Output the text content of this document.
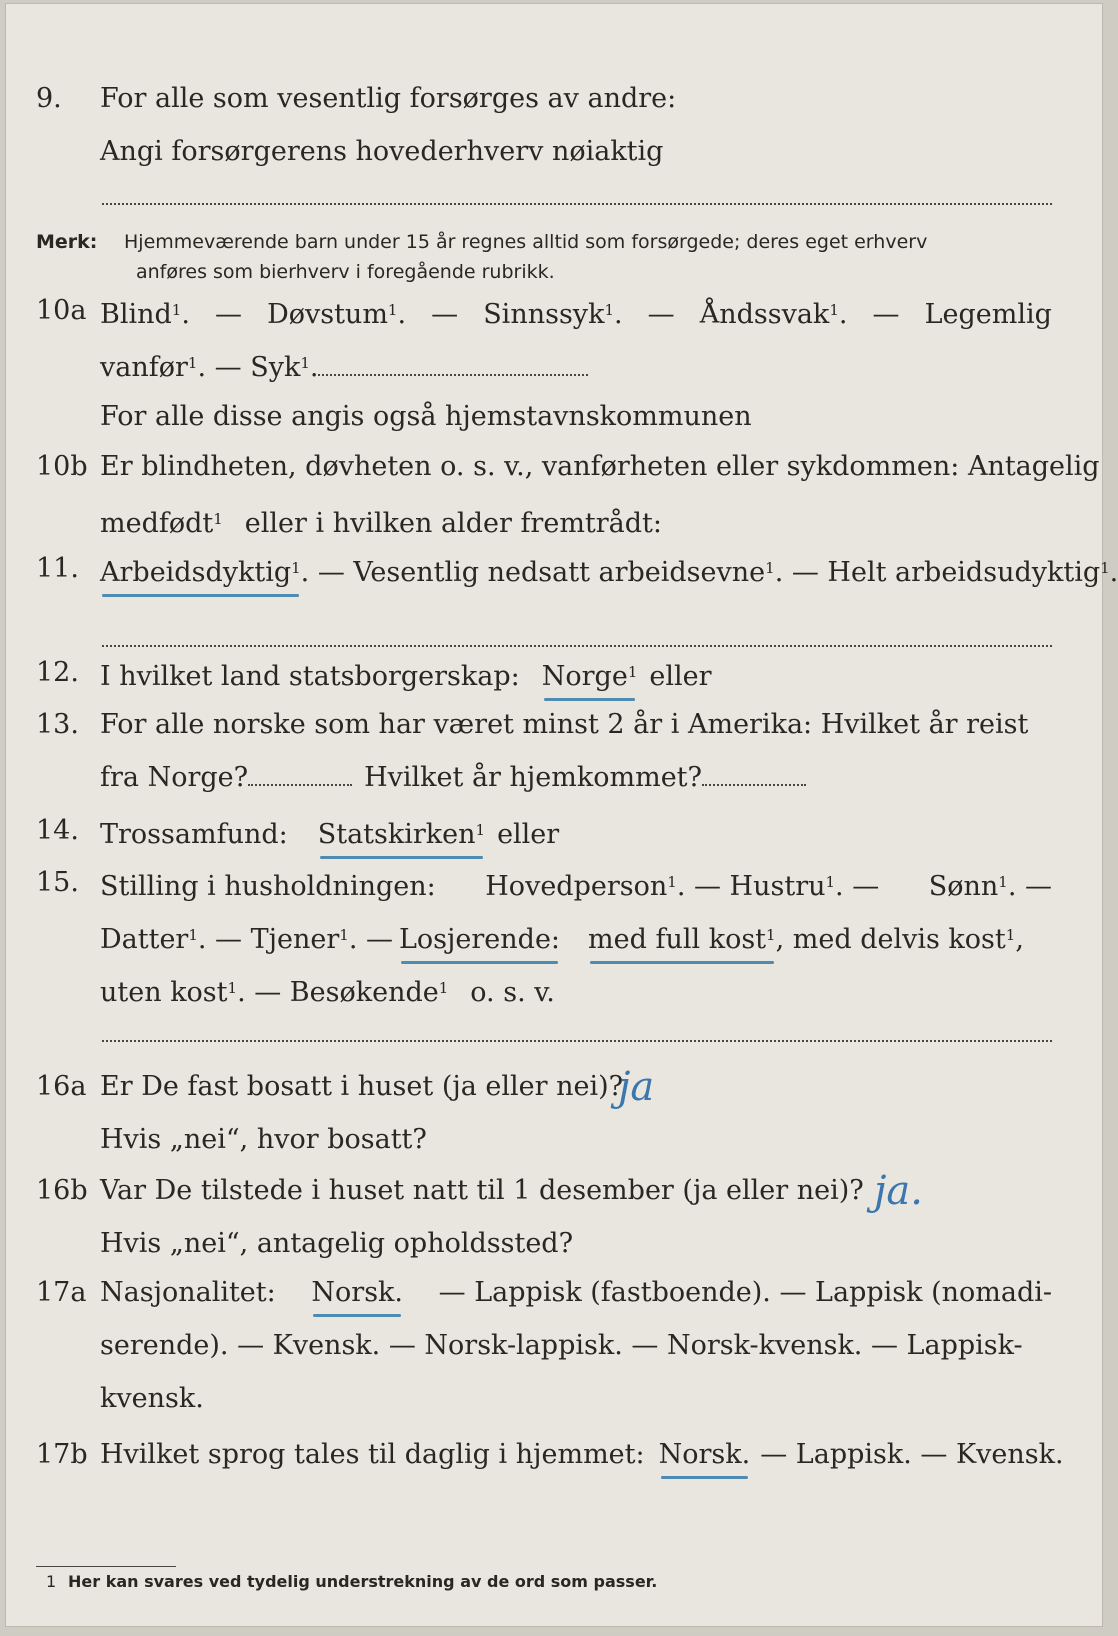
9.	For alle som vesentlig forsørges av andre:
Angi forsørgerens hovederhverv nøiaktig
Merk: Hjemmeværende barn under 15 år regnes alltid som forsørgede; deres eget erhverv
anføres som bierhverv i foregående rubrikk.
10a Blind$^1$. — Døvstum$^1$. — Sinnssyk$^1$. — Åndssvak$^1$. — Legemlig
vanfør$^1$ . — Syk$^1$.
For alle disse angis også hjemstavnskommunen
10b Er blindheten, døvheten o. s. v., vanførheten eller sykdommen: Antagelig
medfødt$^1$ eller i hvilken alder fremtrådt:
11. Arbeidsdyktig$^1$ . — Vesentlig nedsatt arbeidsevne$^1$ . — Helt arbeidsudyktig$^1$.
12. I hvilket land statsborgerskap: Norge$^1$ eller
13. For alle norske som har været minst 2 år i Amerika: Hvilket år reist
fra Norge?	Hvilket år hjemkommet?
14. Trossamfund: Statskirken$^1$ eller
15. Stilling i husholdningen: Hovedperson$^1$. — Hustru$^1$. — Sønn$^1$. —
Datter$^1$ . — Tjener$^1$. — Losjerende: med full kost$^1$ , med delvis kost$^1$,
uten kost$^1$ . — Besøkende$^1$ o. s. v.
16a Er De fast bosatt i huset (ja eller nei)?
Hvis „nei“, hvor bosatt?
ja
16b Var De tilstede i huset natt til 1 desember (ja eller nei)?
Hvis „nei“, antagelig opholdssted?
ja.
17a Nasjonalitet: Norsk. — Lappisk (fastboende). — Lappisk (nomadi-
serende). — Kvensk. — Norsk-lappisk. — Norsk-kvensk. — Lappisk-
kvensk.
17b Hvilket sprog tales til daglig i hjemmet: Norsk. — Lappisk. — Kvensk.
1 Her kan svares ved tydelig understrekning av de ord som passer.
